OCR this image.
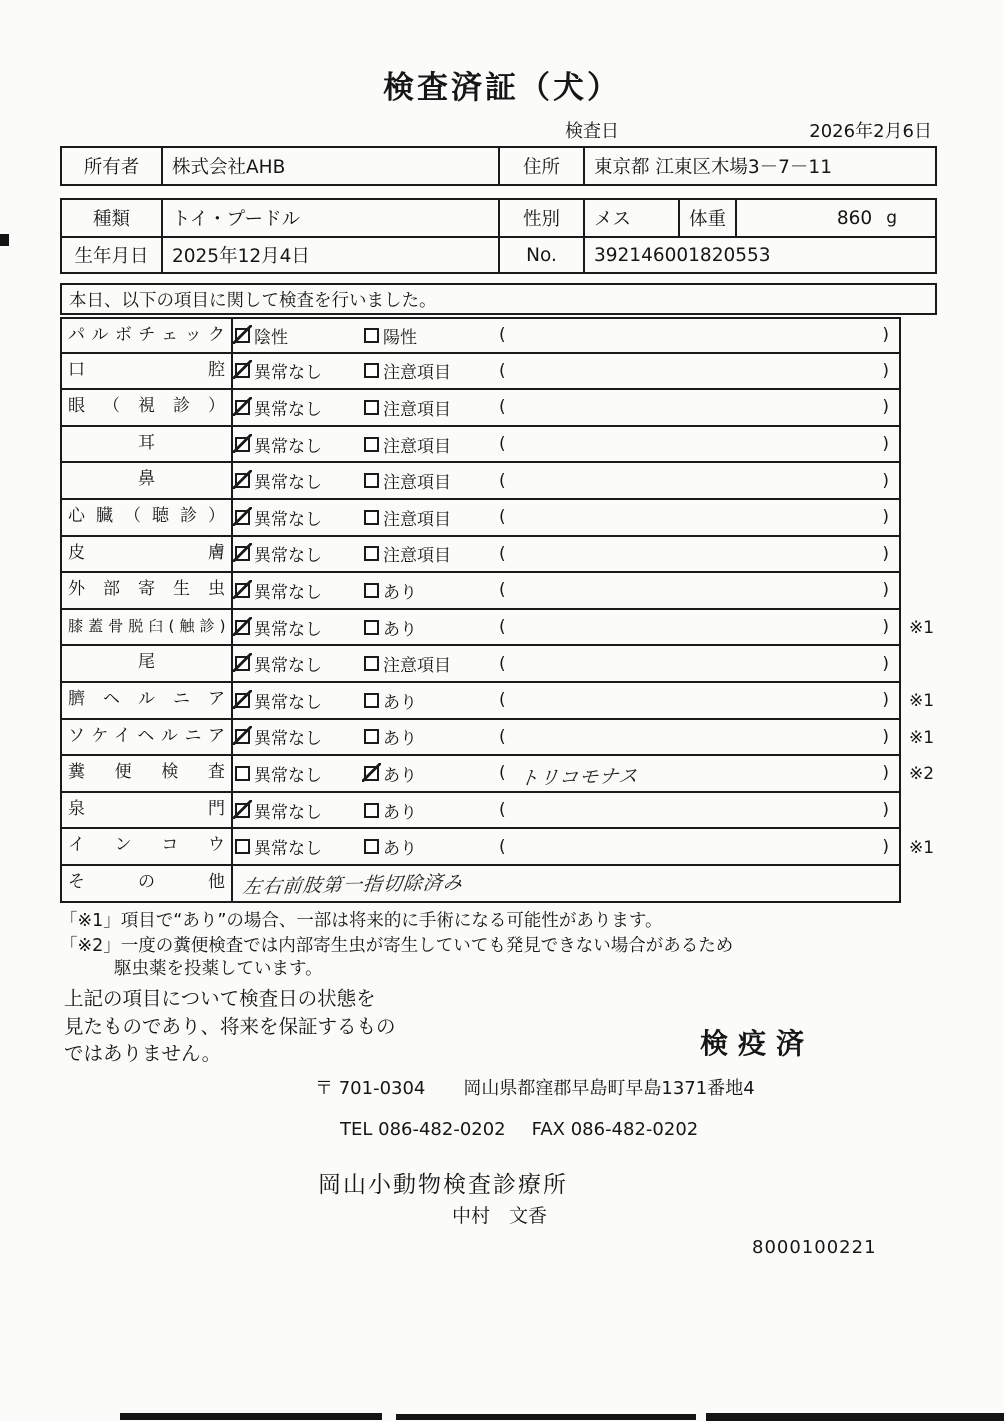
検査済証（犬）
検査日	2026年2月6日
所有者	株式会社AHB	住所	東京都 江東区木場3－7－11
種類	トイ・プードル	性別	メス	体重	860 g
生年月日	2025年12月4日	No.	392146001820553
本日、以下の項目に関して検査を行いました。
パルボチェック	陰性	陽性	(	)
口腔	異常なし	注意項目	(	)
眼（視診）	異常なし	注意項目	(	)
耳	異常なし	注意項目	(	)
鼻	異常なし	注意項目	(	)
心臓（聴診）	異常なし	注意項目	(	)
皮膚	異常なし	注意項目	(	)
外部寄生虫	異常なし	あり	(	)
膝蓋骨脱臼(触診)	異常なし	あり	(	)	※1
尾	異常なし	注意項目	(	)
臍ヘルニア	異常なし	あり	(	)	※1
ソケイヘルニア	異常なし	あり	(	)	※1
糞便検査	異常なし	あり	( トリコモナス	)	※2
泉門	異常なし	あり	(	)
インコウ	異常なし	あり	(	)	※1
その他 左右前肢第一指切除済み
「※1」項目で“あり”の場合、一部は将来的に手術になる可能性があります。
「※2」一度の糞便検査では内部寄生虫が寄生していても発見できない場合があるため
駆虫薬を投薬しています。
上記の項目について検査日の状態を
見たものであり、将来を保証するもの
ではありません。	検疫済
〒 701-0304 岡山県都窪郡早島町早島1371番地4
TEL 086-482-0202 FAX 086-482-0202
岡山小動物検査診療所
中村　文香
8000100221
